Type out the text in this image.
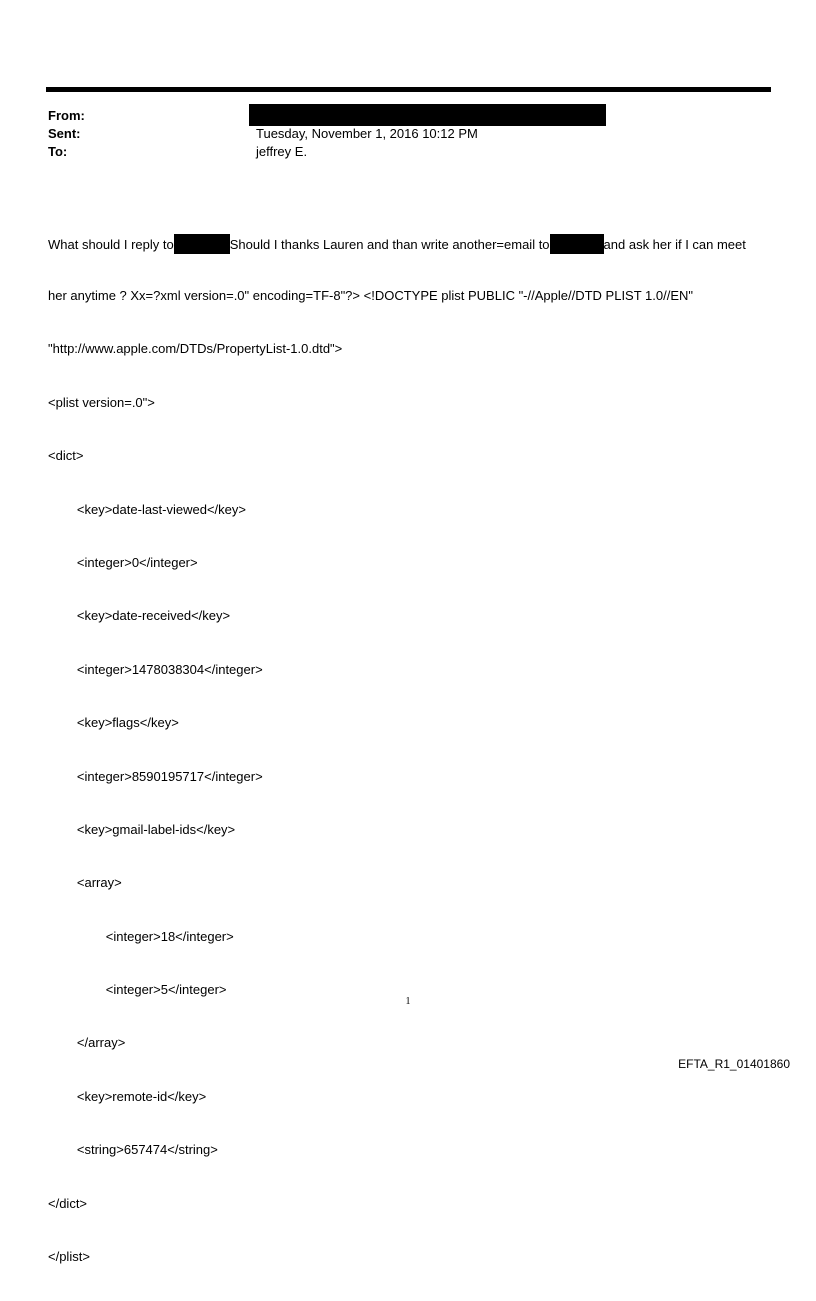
From:
Sent:	Tuesday, November 1, 2016 10:12 PM
To:	jeffrey E.

What should I reply to	Should I thanks Lauren and than write another=email to	and ask her if I can meet

her anytime ? Xx=?xml version=.0" encoding=TF-8"?> <!DOCTYPE plist PUBLIC "-//Apple//DTD PLIST 1.0//EN"

"http://www.apple.com/DTDs/PropertyList-1.0.dtd">

<plist version=.0">

<dict>

<key>date-last-viewed</key>

<integer>0</integer>

<key>date-received</key>

<integer>1478038304</integer>

<key>flags</key>

<integer>8590195717</integer>

<key>gmail-label-ids</key>

<array>

<integer>18</integer>

<integer>5</integer>

</array>

<key>remote-id</key>

<string>657474</string>

</dict>

</plist>

1
EFTA_R1_01401860
